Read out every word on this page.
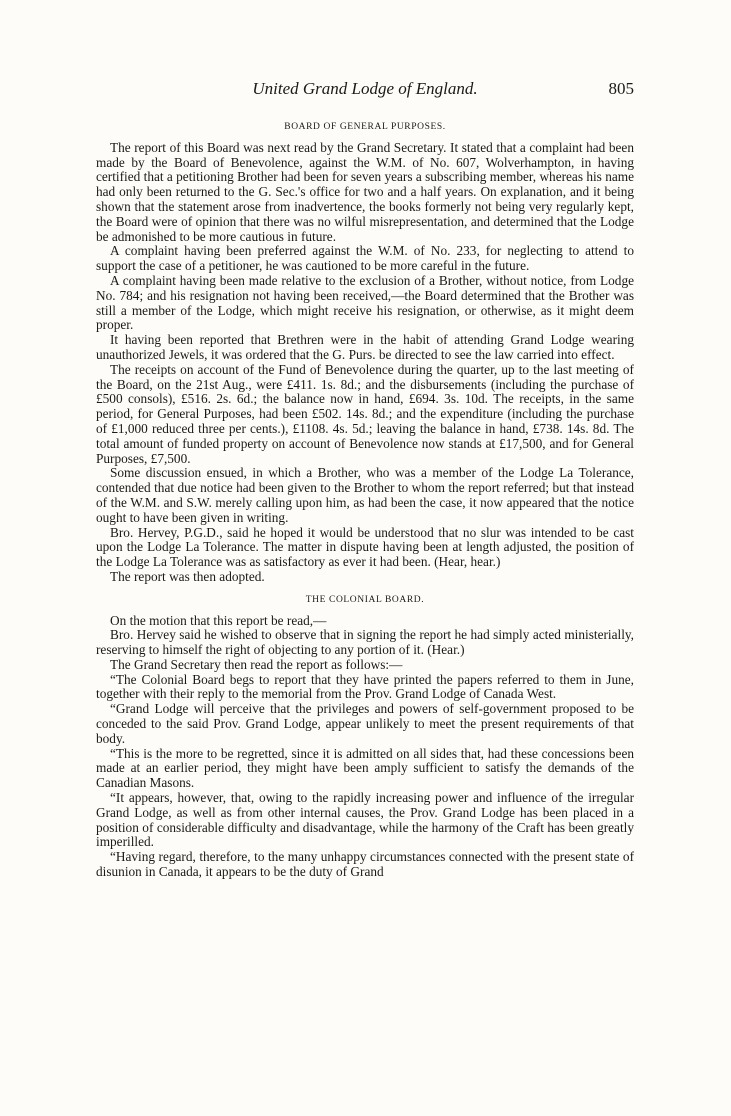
United Grand Lodge of England.	805
BOARD OF GENERAL PURPOSES.

The report of this Board was next read by the Grand Secretary. It stated that a complaint had been made by the Board of Benevolence, against the W.M. of No. 607, Wolverhampton, in having certified that a petitioning Brother had been for seven years a subscribing member, whereas his name had only been returned to the G. Sec.'s office for two and a half years. On explanation, and it being shown that the statement arose from inadvertence, the books formerly not being very regularly kept, the Board were of opinion that there was no wilful misrepresentation, and determined that the Lodge be admonished to be more cautious in future.

A complaint having been preferred against the W.M. of No. 233, for neglecting to attend to support the case of a petitioner, he was cautioned to be more careful in the future.

A complaint having been made relative to the exclusion of a Brother, without notice, from Lodge No. 784; and his resignation not having been received,—the Board determined that the Brother was still a member of the Lodge, which might receive his resignation, or otherwise, as it might deem proper.

It having been reported that Brethren were in the habit of attending Grand Lodge wearing unauthorized Jewels, it was ordered that the G. Purs. be directed to see the law carried into effect.

The receipts on account of the Fund of Benevolence during the quarter, up to the last meeting of the Board, on the 21st Aug., were £411. 1s. 8d.; and the disbursements (including the purchase of £500 consols), £516. 2s. 6d.; the balance now in hand, £694. 3s. 10d. The receipts, in the same period, for General Purposes, had been £502. 14s. 8d.; and the expenditure (including the purchase of £1,000 reduced three per cents.), £1108. 4s. 5d.; leaving the balance in hand, £738. 14s. 8d. The total amount of funded property on account of Benevolence now stands at £17,500, and for General Purposes, £7,500.

Some discussion ensued, in which a Brother, who was a member of the Lodge La Tolerance, contended that due notice had been given to the Brother to whom the report referred; but that instead of the W.M. and S.W. merely calling upon him, as had been the case, it now appeared that the notice ought to have been given in writing.

Bro. Hervey, P.G.D., said he hoped it would be understood that no slur was intended to be cast upon the Lodge La Tolerance. The matter in dispute having been at length adjusted, the position of the Lodge La Tolerance was as satisfactory as ever it had been. (Hear, hear.)

The report was then adopted.

THE COLONIAL BOARD.

On the motion that this report be read,—

Bro. Hervey said he wished to observe that in signing the report he had simply acted ministerially, reserving to himself the right of objecting to any portion of it. (Hear.)

The Grand Secretary then read the report as follows:—

“The Colonial Board begs to report that they have printed the papers referred to them in June, together with their reply to the memorial from the Prov. Grand Lodge of Canada West.

“Grand Lodge will perceive that the privileges and powers of self-government proposed to be conceded to the said Prov. Grand Lodge, appear unlikely to meet the present requirements of that body.

“This is the more to be regretted, since it is admitted on all sides that, had these concessions been made at an earlier period, they might have been amply sufficient to satisfy the demands of the Canadian Masons.

“It appears, however, that, owing to the rapidly increasing power and influence of the irregular Grand Lodge, as well as from other internal causes, the Prov. Grand Lodge has been placed in a position of considerable difficulty and disadvantage, while the harmony of the Craft has been greatly imperilled.

“Having regard, therefore, to the many unhappy circumstances connected with the present state of disunion in Canada, it appears to be the duty of Grand
